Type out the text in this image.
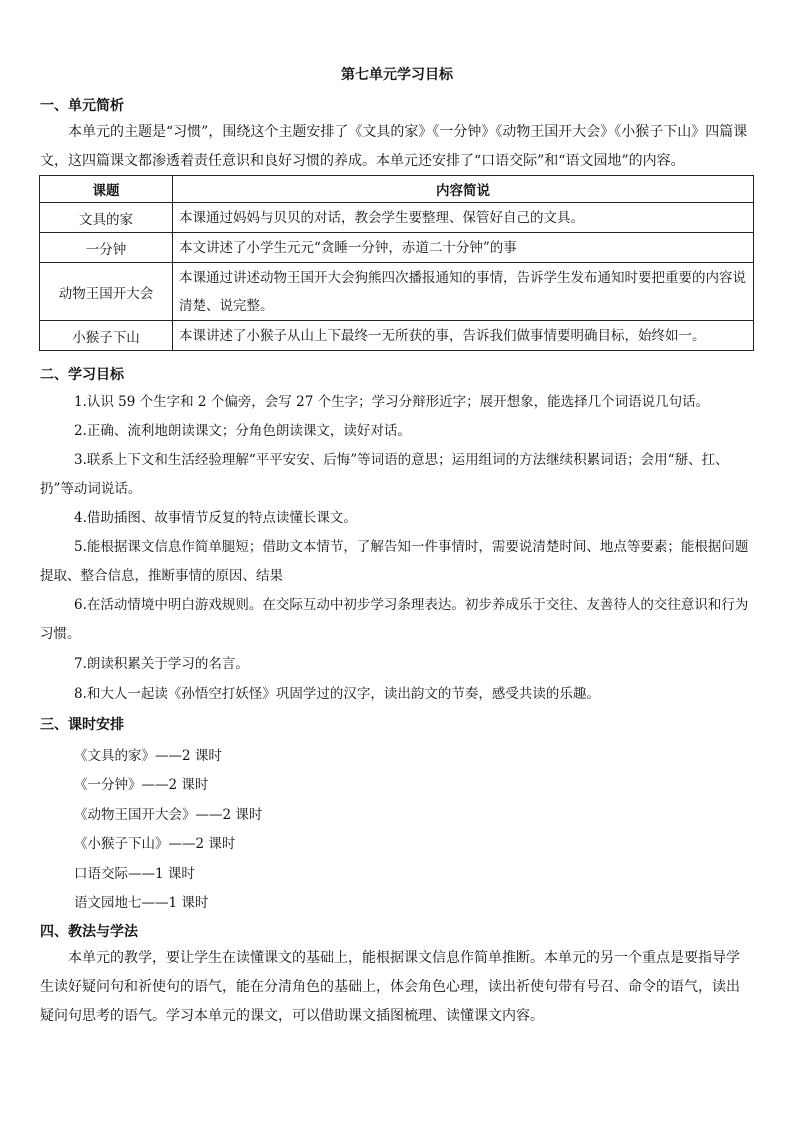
第七单元学习目标
一、单元简析
本单元的主题是“习惯”，围绕这个主题安排了《文具的家》《一分钟》《动物王国开大会》《小猴子下山》四篇课文，这四篇课文都渗透着责任意识和良好习惯的养成。本单元还安排了“口语交际”和“语文园地”的内容。
课题	内容简说
文具的家	本课通过妈妈与贝贝的对话，教会学生要整理、保管好自己的文具。
一分钟	本文讲述了小学生元元“贪睡一分钟，赤道二十分钟”的事
动物王国开大会	本课通过讲述动物王国开大会狗熊四次播报通知的事情，告诉学生发布通知时要把重要的内容说清楚、说完整。
小猴子下山	本课讲述了小猴子从山上下最终一无所获的事，告诉我们做事情要明确目标，始终如一。
二、学习目标
1.认识 59 个生字和 2 个偏旁，会写 27 个生字；学习分辩形近字；展开想象，能选择几个词语说几句话。
2.正确、流利地朗读课文；分角色朗读课文，读好对话。
3.联系上下文和生活经验理解“平平安安、后悔”等词语的意思；运用组词的方法继续积累词语；会用“掰、扛、扔”等动词说话。
4.借助插图、故事情节反复的特点读懂长课文。
5.能根据课文信息作简单腿短；借助文本情节，了解告知一件事情时，需要说清楚时间、地点等要素；能根据问题提取、整合信息，推断事情的原因、结果
6.在活动情境中明白游戏规则。在交际互动中初步学习条理表达。初步养成乐于交往、友善待人的交往意识和行为习惯。
7.朗读积累关于学习的名言。
8.和大人一起读《孙悟空打妖怪》巩固学过的汉字，读出韵文的节奏，感受共读的乐趣。
三、课时安排
《文具的家》——2 课时
《一分钟》——2 课时
《动物王国开大会》——2 课时
《小猴子下山》——2 课时
口语交际——1 课时
语文园地七——1 课时
四、教法与学法
本单元的教学，要让学生在读懂课文的基础上，能根据课文信息作简单推断。本单元的另一个重点是要指导学生读好疑问句和祈使句的语气，能在分清角色的基础上，体会角色心理，读出祈使句带有号召、命令的语气，读出疑问句思考的语气。学习本单元的课文，可以借助课文插图梳理、读懂课文内容。
